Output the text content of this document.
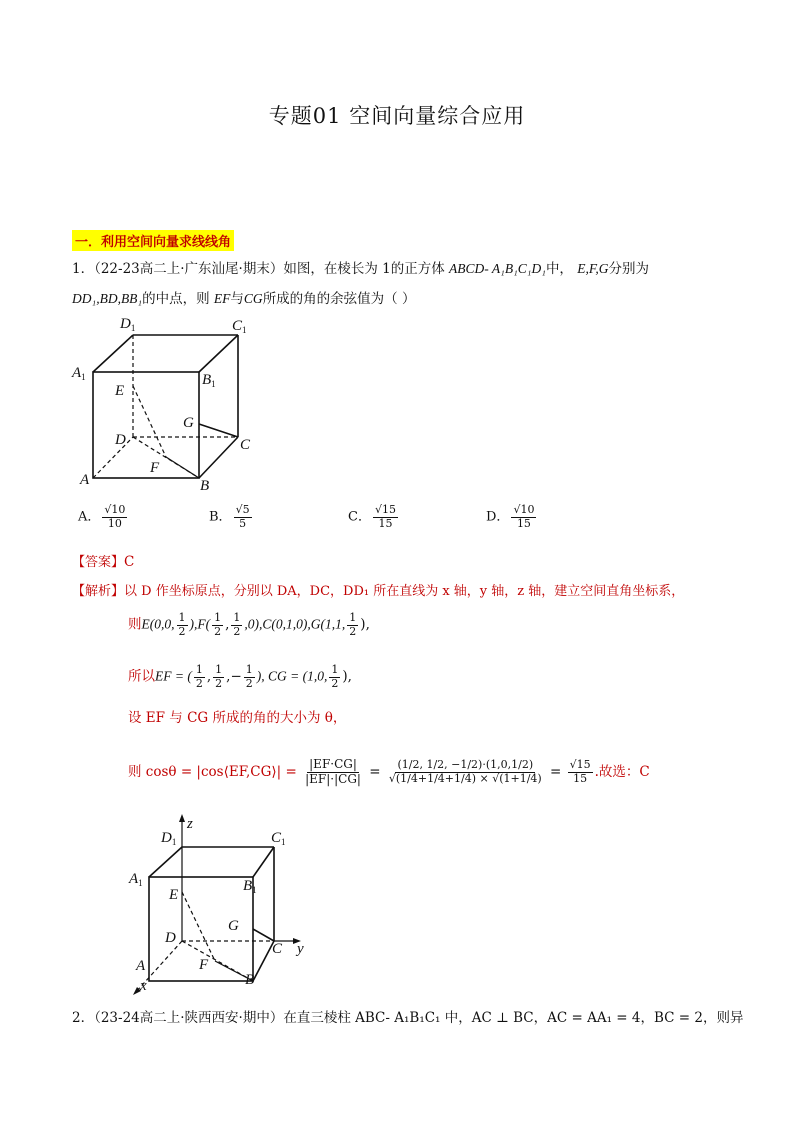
专题01 空间向量综合应用
一．利用空间向量求线线角
1．（22-23高二上·广东汕尾·期末）如图，在棱长为 1的正方体 ABCD- A₁B₁C₁D₁中， E,F,G分别为
DD₁,BD,BB₁的中点，则 EF与CG所成的角的余弦值为（ ）
$D_1$	$C_1$
$A_1$	$B_1$
E
G
D	C
F
A	B
A． $\frac{√10}{10}$	B． $\frac{√5}{5}$	C． $\frac{√15}{15}$	D． $\frac{√10}{15}$
【答案】C
【解析】以 D 作坐标原点，分别以 DA，DC，DD₁ 所在直线为 x 轴，y 轴，z 轴，建立空间直角坐标系，
则E(0,0, $\frac{1}{2} ),F( \frac{1}{2}$ , $\frac{1}{2} ,0),C(0,1,0),G(1,1$, $\frac{1}{2}$ ),
所以EF = ( $\frac{1}{2}$ , $\frac{1}{2}$ ,− $\frac{1}{2}$ ), CG = (1,0, $\frac{1}{2}$ ),
设 EF 与 CG 所成的角的大小为 θ，
则 cosθ = |cos⟨EF,CG⟩| = $\frac{|EF\cdot CG|}{|EF|\cdot|CG|} = \frac{(1/2, 1/2, -1/2)\cdot(1,0,1/2)}{√(1/4+1/4+1/4) \times √(1+1/4)} = \frac{√15}{15}$ .故选：C
z
$D_1$	$C_1$
$A_1$	$B_1$
E
G
D
C y
F
A
B
x
2．（23-24高二上·陕西西安·期中）在直三棱柱 ABC- A₁B₁C₁ 中，AC ⊥ BC，AC = AA₁ = 4，BC = 2，则异
